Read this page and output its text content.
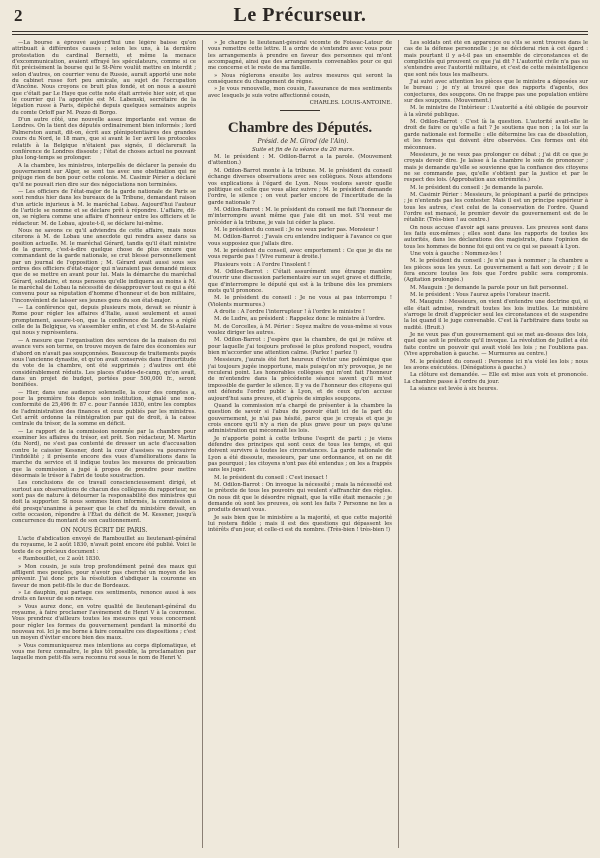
2	Le Précurseur.

—La bourse a éprouvé aujourd'hui une légère baisse qu'on attribuait à différentes causes ; selon les uns, à la dernière protestation du cardinal Bernetti, et même la menace d'excommunication, avaient effrayé les spéculateurs, comme si ce fût précisément la bourse qui le St-Père voulût mettre en interdit ; selon d'autres, on courrier venu de Russie, aurait apporté une note du cabinet russe fort peu amicale, au sujet de l'occupation d'Ancône. Nous croyons ce bruit plus fondé, et on nous a assuré que c'était par Le Haye que cette note était arrivée hier soir, et que le courrier qui l'a apportée est M. Labenski, secrétaire de la légation russe à Paris, dépêché depuis quelques semaines auprès du comte Orloff par M. Pozzo di Borgo.

D'un autre côté, une nouvelle assez importante est venue de Londres. On la tient des députés ordinairement bien informés ; lord Palmerston aurait, dit-on, écrit aux plénipotentiaires des grandes cours du Nord, le 18 mars, que si avant le 1er avril les protocoles relatifs à la Belgique n'étaient pas signés, il déclarerait la conférence de Londres dissoute ; l'état de choses actuel ne pouvant plus long-temps se prolonger.

A la chambre, les ministres, interpellés de déclarer la pensée du gouvernement sur Alger, se sont tus avec une obstination qui ne préjuge rien de bon pour cette colonie. M. Casimir Périer a déclaré qu'il ne pouvait rien dire sur des négociations non terminées.

— Les officiers de l'état-major de la garde nationale de Paris se sont rendus hier dans les bureaux de la Tribune, demandant raison d'un article injurieux à M. le maréchal Lobau. Aujourd'hui l'auteur de l'article se nomme et se déclare prêt à répondre. L'affaire, dit-on, se réglera comme une affaire d'honneur entre les officiers et le rédacteur. M. de Lobau, ajoute-t-il, se déclare lui-même.

Nous ne savons ce qu'il adviendra de cette affaire, mais nous citerons à M. de Lobau une anecdote qui rendra assez dans sa position actuelle. M. le maréchal Gérard, tandis qu'il était ministre de la guerre, c'est-à-dire quelque chose de plus encore que commandant de la garde nationale, se crut blessé personnellement par un journal de l'opposition ; M. Gérard avait aussi sous ses ordres des officiers d'état-major qui n'auraient pas demandé mieux que de se mettre en avant pour lui. Mais la démarche du maréchal Gérard, solidaire, et nous pensons qu'elle indiquera au moins à M. le maréchal de Lobau la nécessité de désapprouver tout ce qui a été convenu pour sa réputation d'homme d'honneur et de bon militaire, l'inconvénient de laisser ses jeunes gens du son état-major.

— La conférence qui, depuis plusieurs mois, devait se réunir à Rome pour régler les affaires d'Italie, aussi seulement et aussi promptement, assure-t-on, que la conférence de Londres a réglé celle de la Belgique, va s'assembler enfin, et c'est M. de St-Aulaire qui nous y représentera.

— A mesure que l'organisation des services de la maison du roi avance vers son terme, on trouve moyen de faire des économies sur d'abord on n'avait pas soupçonnées. Beaucoup de traitements payés sous l'ancienne dynastie, et qu'on avait conservés dans l'incertitude du vote de la chambre, ont été supprimés ; d'autres ont été considérablement réduits. Les places d'aides-de-camp, qu'on avait, dans un projet de budget, portées pour 500,000 fr., seront bonifiées.

— Hier, dans une audience solennelle, la cour des comptes a, pour la première fois depuis son institution, signalé une non-conformité de 25,496 fr. 87 c. pour l'année 1830, entre les comptes de l'administration des finances et ceux publiés par les ministres. Cet arrêt ordonne la réintégration par qui de droit, à la caisse centrale du trésor, de la somme en déficit.

— Le rapport de la commission nommée par la chambre pour examiner les affaires du trésor, est prêt. Son rédacteur, M. Martin (du Nord), ne s'est pas contenté de dresser un acte d'accusation contre le caissier Kessner, dont la cour d'assises va poursuivre l'infidélité ; il présente encore des vues d'améliorations dans la marche du service et il indique toutes les mesures de précaution que la commission a jugé à propos de prendre pour mettre désormais le trésor à l'abri de toute soustraction.

Les conclusions de ce travail consciencieusement dirigé, et surtout aux observations de chacun des collègues du rapporteur, ne sont pas de nature à détourner la responsabilité des ministres qui doit la supporter. Si nous sommes bien informés, la commission a été presqu'unanime à penser que le chef du ministère devait, en cette occasion, répondre à l'État du déficit de M. Kessner, jusqu'à concurrence du montant de son cautionnement.

ON NOUS ÉCRIT DE PARIS.

L'acte d'abdication envoyé de Rambouillet au lieutenant-général du royaume, le 2 août 1830, n'avait point encore été publié. Voici le texte de ce précieux document :

« Rambouillet, ce 2 août 1830.

» Mon cousin, je suis trop profondément peiné des maux qui affligent mes peuples, pour n'avoir pas cherché un moyen de les prévenir. J'ai donc pris la résolution d'abdiquer la couronne en faveur de mon petit-fils le duc de Bordeaux.

» Le dauphin, qui partage ces sentiments, renonce aussi à ses droits en faveur de son neveu.

» Vous aurez donc, en votre qualité de lieutenant-général du royaume, à faire proclamer l'avènement de Henri V à la couronne. Vous prendrez d'ailleurs toutes les mesures qui vous concernent pour régler les formes du gouvernement pendant la minorité du nouveau roi. Ici je me borne à faire connaître ces dispositions ; c'est un moyen d'éviter encore bien des maux.

» Vous communiquerez mes intentions au corps diplomatique, et vous me ferez connaître, le plus tôt possible, la proclamation par laquelle mon petit-fils sera reconnu roi sous le nom de Henri V.

» Je charge le lieutenant-général vicomte de Foissac-Latour de vous remettre cette lettre. Il a ordre de s'entendre avec vous pour les arrangements à prendre en faveur des personnes qui m'ont accompagné, ainsi que des arrangements convenables pour ce qui me concerne et le reste de ma famille.

» Nous réglerons ensuite les autres mesures qui seront la conséquence du changement de règne.

» Je vous renouvelle, mon cousin, l'assurance de mes sentiments avec lesquels je suis votre affectionné cousin,

CHARLES. LOUIS-ANTOINE.

Chambre des Députés.

Présid. de M. Girod (de l'Ain).

Suite et fin de la séance du 20 mars.

M. le président : M. Odilon-Barrot a la parole. (Mouvement d'attention.)

M. Odilon-Barrot monte à la tribune. M. le président du conseil échange diverses observations avec ses collègues. Nous attendons vos explications à l'égard de Lyon. Nous voulons savoir quelle politique est celle que vous allez suivre ; M. le président demande l'ordre, le silence ; on veut parler encore de l'incertitude de la garde nationale ?

M. Odilon-Barrot : M. le président du conseil me fait l'honneur de m'interrompre avant même que j'aie dit un mot. S'il veut me précéder à la tribune, je vais lui céder la place.

M. le président du conseil : Je ne veux parler pas. Monsieur !

M. Odilon-Barrot : J'avais cru entendre indiquer à l'avance ce que vous supposiez que j'allais dire.

M. le président du conseil, avec emportement : Ce que je dis ne vous regarde pas ! (Vive rumeur à droite.)

Plusieurs voix : A l'ordre l'insolent !

M. Odilon-Barrot : C'était assurément une étrange manière d'ouvrir une discussion parlementaire sur un sujet grave et difficile, que d'interrompre le député qui est à la tribune dès les premiers mots qu'il prononce.

M. le président du conseil : Je ne vous ai pas interrompu ! (Violents murmures.)

A droite : A l'ordre l'interrupteur ! à l'ordre le ministre !

M. de Ludre, au président : Rappelez donc le ministre à l'ordre.

M. de Corcelles, à M. Périer : Soyez maître de vous-même si vous voulez diriger les autres.

M. Odilon-Barrot : J'espère que la chambre, de qui je relève et pour laquelle j'ai toujours professé le plus profond respect, voudra bien m'accorder une attention calme. (Parlez ! parlez !)

Messieurs, j'aurais été fort heureux d'éviter une polémique que j'ai toujours jugée inopportune, mais puisqu'on m'y provoque, je ne reculerai point. Les honorables collègues qui m'ont fait l'honneur de m'entendre dans la précédente séance savent qu'il m'est impossible de garder le silence. Il y va de l'honneur des citoyens qui ont défendu l'ordre public à Lyon, et de ceux qu'on accuse aujourd'hui sans preuve, et d'après de simples soupçons.

Quand la commission m'a chargé de présenter à la chambre la question de savoir si l'abus du pouvoir était ici de la part du gouvernement, je n'ai pas hésité, parce que je croyais et que je crois encore qu'il n'y a rien de plus grave pour un pays qu'une administration qui méconnaît les lois.

Je n'apporte point à cette tribune l'esprit de parti ; je viens défendre des principes qui sont ceux de tous les temps, et qui doivent survivre à toutes les circonstances. La garde nationale de Lyon a été dissoute, messieurs, par une ordonnance, et on ne dit pas pourquoi ; les citoyens n'ont pas été entendus ; on les a frappés sans les juger.

M. le président du conseil : C'est inexact !

M. Odilon-Barrot : On invoque la nécessité ; mais la nécessité est le prétexte de tous les pouvoirs qui veulent s'affranchir des règles. On nous dit que le désordre régnait, que la ville était menacée ; je demande où sont les preuves, où sont les faits ? Personne ne les a produits devant vous.

Je sais bien que le ministère a la majorité, et que cette majorité lui restera fidèle ; mais il est des questions qui dépassent les intérêts d'un jour, et celle-ci est du nombre. (Très-bien ! très-bien !)

Les soldats ont été en apparence ou s'ils se sont trouvés dans le cas de la défense personnelle ; je ne déciderai rien à cet égard : mais pourtant il y a-t-il pas un ensemble de circonstances et de complicités qui prouvent ce que j'ai dit ? L'autorité civile n'a pas su s'entendre avec l'autorité militaire, et c'est de cette mésintelligence que sont nés tous les malheurs.

J'ai suivi avec attention les pièces que le ministre a déposées sur le bureau ; je n'y ai trouvé que des rapports d'agents, des conjectures, des soupçons. On ne frappe pas une population entière sur des soupçons. (Mouvement.)

M. le ministre de l'intérieur : L'autorité a été obligée de pourvoir à la sûreté publique.

M. Odilon-Barrot : C'est là la question. L'autorité avait-elle le droit de faire ce qu'elle a fait ? Je soutiens que non ; la loi sur la garde nationale est formelle : elle détermine les cas de dissolution, et les formes qui doivent être observées. Ces formes ont été méconnues.

Messieurs, je ne veux pas prolonger ce débat ; j'ai dit ce que je croyais devoir dire. Je laisse à la chambre le soin de prononcer ; mais je demande qu'elle se souvienne que la confiance des citoyens ne se commande pas, qu'elle s'obtient par la justice et par le respect des lois. (Approbation aux extrémités.)

M. le président du conseil : Je demande la parole.

M. Casimir Périer : Messieurs, le préopinant a parlé de principes ; je n'entends pas les contester. Mais il est un principe supérieur à tous les autres, c'est celui de la conservation de l'ordre. Quand l'ordre est menacé, le premier devoir du gouvernement est de le rétablir. (Très-bien ! au centre.)

On nous accuse d'avoir agi sans preuves. Les preuves sont dans les faits eux-mêmes ; elles sont dans les rapports de toutes les autorités, dans les déclarations des magistrats, dans l'opinion de tous les hommes de bonne foi qui ont vu ce qui se passait à Lyon.

Une voix à gauche : Nommez-les !

M. le président du conseil : Je n'ai pas à nommer ; la chambre a les pièces sous les yeux. Le gouvernement a fait son devoir ; il le fera encore toutes les fois que l'ordre public sera compromis. (Agitation prolongée.)

M. Mauguin : Je demande la parole pour un fait personnel.

M. le président : Vous l'aurez après l'orateur inscrit.

M. Mauguin : Messieurs, on vient d'entendre une doctrine qui, si elle était admise, rendrait toutes les lois inutiles. Le ministère s'arroge le droit d'apprécier seul les circonstances et de suspendre la loi quand il le juge convenable. C'est là l'arbitraire dans toute sa nudité. (Bruit.)

Je ne veux pas d'un gouvernement qui se met au-dessus des lois, quel que soit le prétexte qu'il invoque. La révolution de Juillet a été faite contre un pouvoir qui avait violé les lois ; ne l'oublions pas. (Vive approbation à gauche. — Murmures au centre.)

M. le président du conseil : Personne ici n'a violé les lois ; nous les avons exécutées. (Dénégations à gauche.)

La clôture est demandée. — Elle est mise aux voix et prononcée. La chambre passe à l'ordre du jour.

La séance est levée à six heures.
